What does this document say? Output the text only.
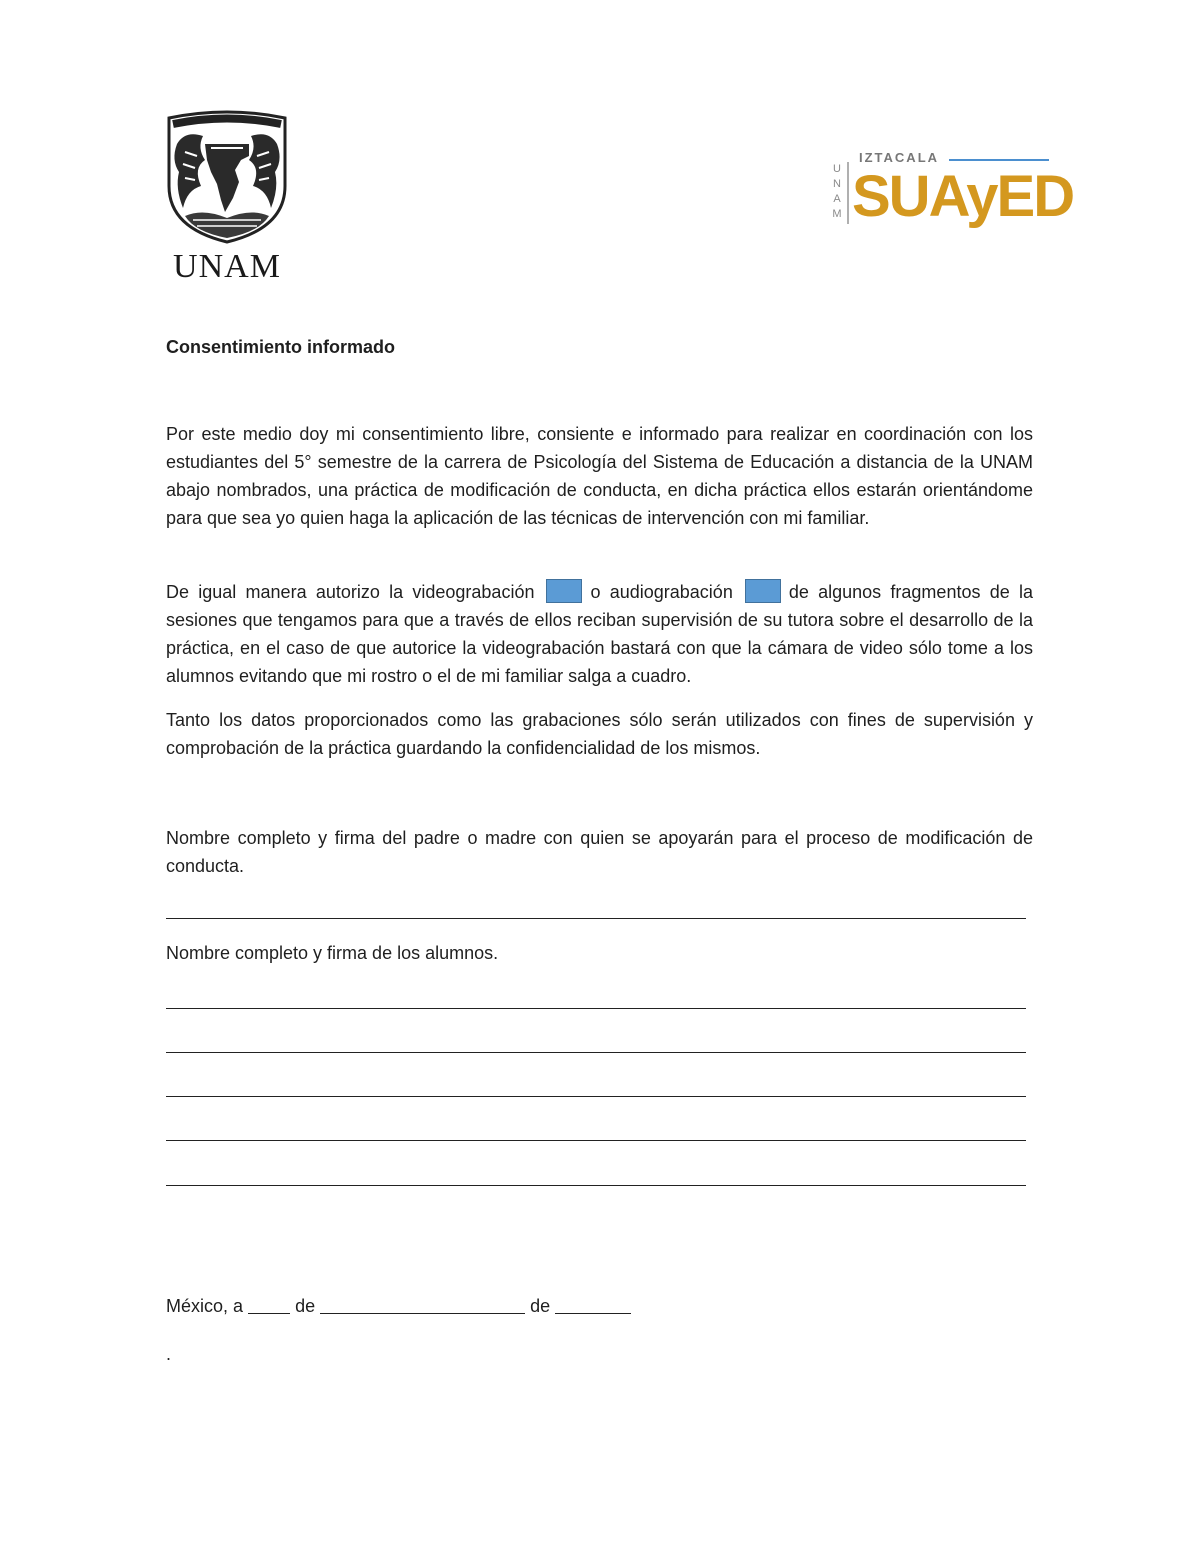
UNAM
U
N
A
M
IZTACALA
SUAyED
Consentimiento informado
Por este medio doy mi consentimiento libre, consiente e informado para realizar en coordinación con los estudiantes del 5° semestre de la carrera de Psicología del Sistema de Educación a distancia de la UNAM abajo nombrados, una práctica de modificación de conducta, en dicha práctica ellos estarán orientándome para que sea yo quien haga la aplicación de las técnicas de intervención con mi familiar.
De igual manera autorizo la videograbación	o audiograbación	de algunos fragmentos de la sesiones que tengamos para que a través de ellos reciban supervisión de su tutora sobre el desarrollo de la práctica, en el caso de que autorice la videograbación bastará con que la cámara de video sólo tome a los alumnos evitando que mi rostro o el de mi familiar salga a cuadro.
Tanto los datos proporcionados como las grabaciones sólo serán utilizados con fines de supervisión y comprobación de la práctica guardando la confidencialidad de los mismos.
Nombre completo y firma del padre o madre con quien se apoyarán para el proceso de modificación de conducta.
Nombre completo y firma de los alumnos.
México, a	de	de
.
